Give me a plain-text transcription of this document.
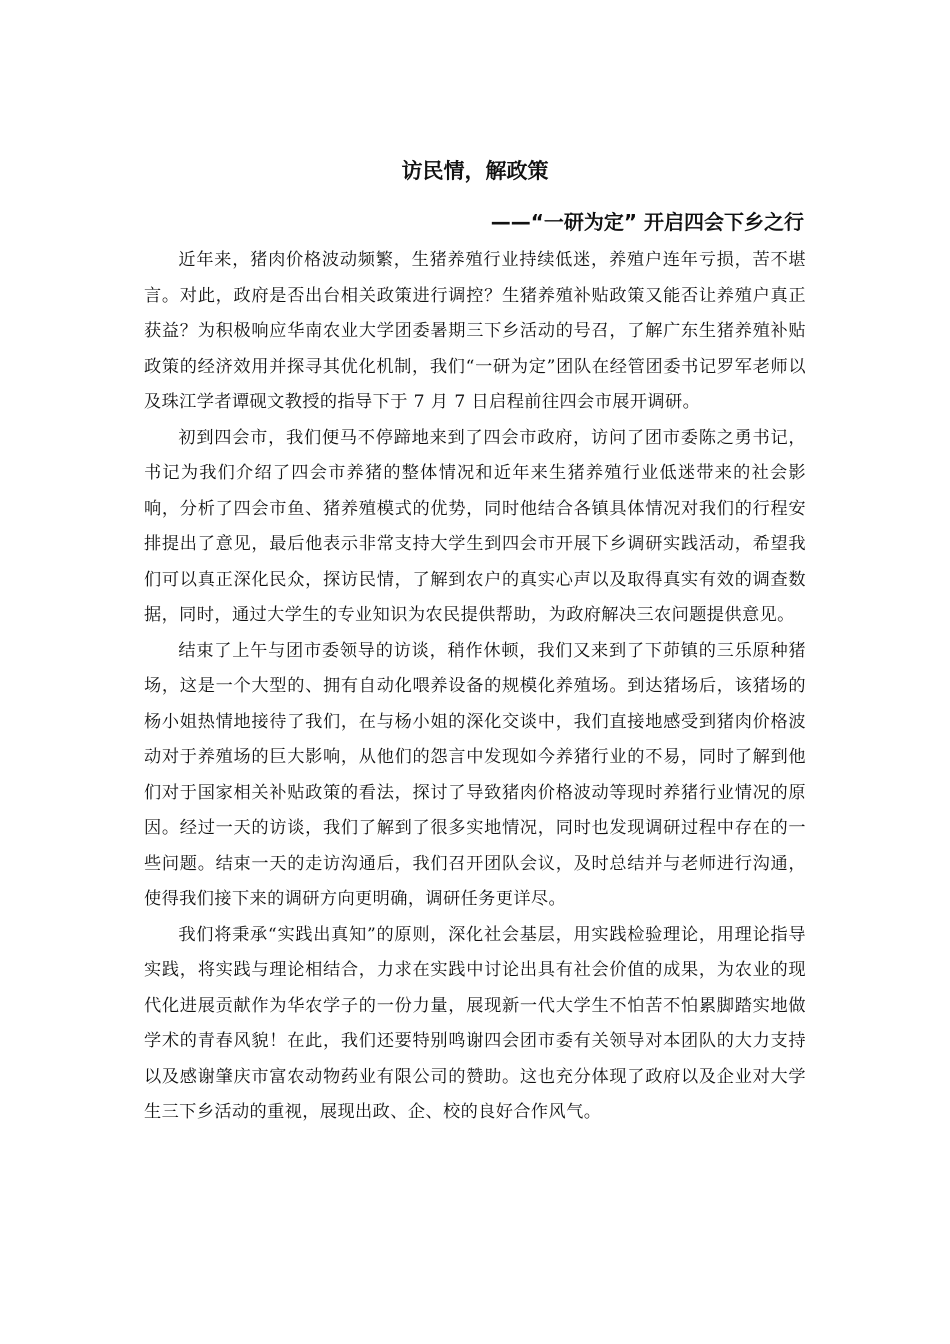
访民情，解政策
——“一研为定” 开启四会下乡之行

近年来，猪肉价格波动频繁，生猪养殖行业持续低迷，养殖户连年亏损，苦不堪言。对此，政府是否出台相关政策进行调控？生猪养殖补贴政策又能否让养殖户真正获益？为积极响应华南农业大学团委暑期三下乡活动的号召，了解广东生猪养殖补贴政策的经济效用并探寻其优化机制，我们“一研为定”团队在经管团委书记罗军老师以及珠江学者谭砚文教授的指导下于 7 月 7 日启程前往四会市展开调研。

初到四会市，我们便马不停蹄地来到了四会市政府，访问了团市委陈之勇书记，书记为我们介绍了四会市养猪的整体情况和近年来生猪养殖行业低迷带来的社会影响，分析了四会市鱼、猪养殖模式的优势，同时他结合各镇具体情况对我们的行程安排提出了意见，最后他表示非常支持大学生到四会市开展下乡调研实践活动，希望我们可以真正深化民众，探访民情，了解到农户的真实心声以及取得真实有效的调查数据，同时，通过大学生的专业知识为农民提供帮助，为政府解决三农问题提供意见。

结束了上午与团市委领导的访谈，稍作休顿，我们又来到了下茆镇的三乐原种猪场，这是一个大型的、拥有自动化喂养设备的规模化养殖场。到达猪场后，该猪场的杨小姐热情地接待了我们，在与杨小姐的深化交谈中，我们直接地感受到猪肉价格波动对于养殖场的巨大影响，从他们的怨言中发现如今养猪行业的不易，同时了解到他们对于国家相关补贴政策的看法，探讨了导致猪肉价格波动等现时养猪行业情况的原因。经过一天的访谈，我们了解到了很多实地情况，同时也发现调研过程中存在的一些问题。结束一天的走访沟通后，我们召开团队会议，及时总结并与老师进行沟通，使得我们接下来的调研方向更明确，调研任务更详尽。

我们将秉承“实践出真知”的原则，深化社会基层，用实践检验理论，用理论指导实践，将实践与理论相结合，力求在实践中讨论出具有社会价值的成果，为农业的现代化进展贡献作为华农学子的一份力量，展现新一代大学生不怕苦不怕累脚踏实地做学术的青春风貌！在此，我们还要特别鸣谢四会团市委有关领导对本团队的大力支持以及感谢肇庆市富农动物药业有限公司的赞助。这也充分体现了政府以及企业对大学生三下乡活动的重视，展现出政、企、校的良好合作风气。
